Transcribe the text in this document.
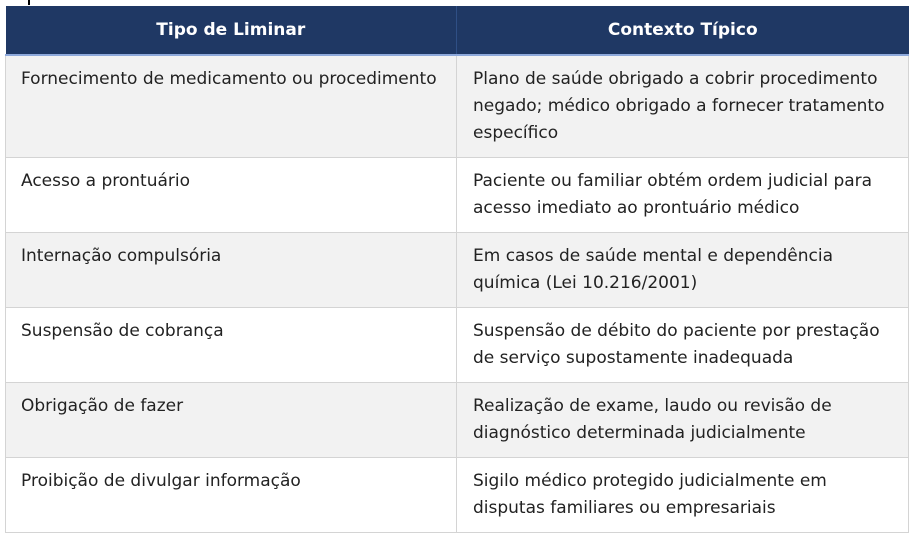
Tipo de Liminar	Contexto Típico
Fornecimento de medicamento ou procedimento	Plano de saúde obrigado a cobrir procedimento negado; médico obrigado a fornecer tratamento específico
Acesso a prontuário	Paciente ou familiar obtém ordem judicial para acesso imediato ao prontuário médico
Internação compulsória	Em casos de saúde mental e dependência química (Lei 10.216/2001)
Suspensão de cobrança	Suspensão de débito do paciente por prestação de serviço supostamente inadequada
Obrigação de fazer	Realização de exame, laudo ou revisão de diagnóstico determinada judicialmente
Proibição de divulgar informação	Sigilo médico protegido judicialmente em disputas familiares ou empresariais
